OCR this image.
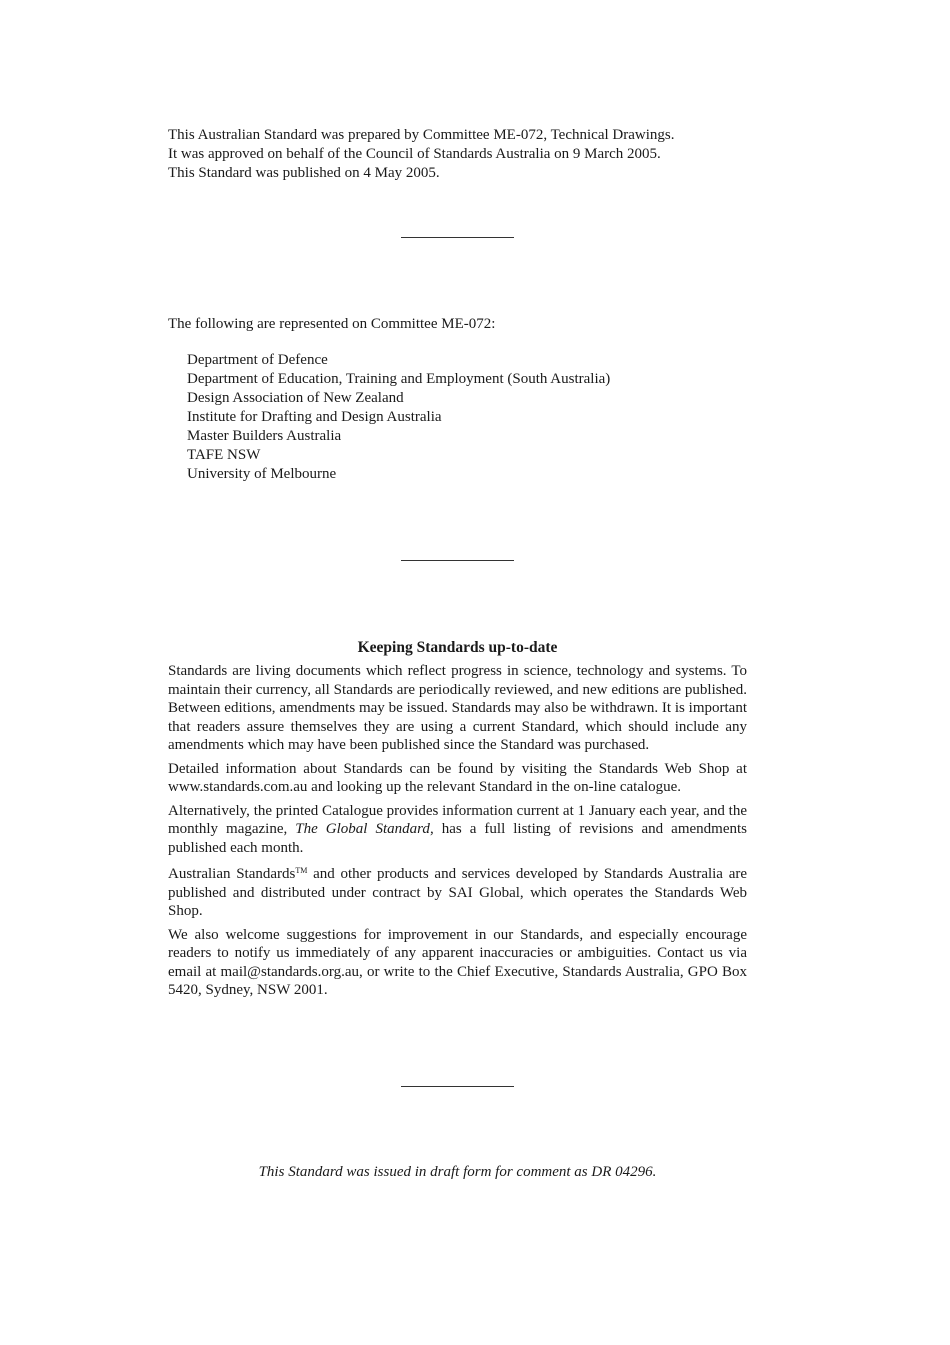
This Australian Standard was prepared by Committee ME-072, Technical Drawings.
It was approved on behalf of the Council of Standards Australia on 9 March 2005.
This Standard was published on 4 May 2005.
The following are represented on Committee ME-072:
Department of Defence
Department of Education, Training and Employment (South Australia)
Design Association of New Zealand
Institute for Drafting and Design Australia
Master Builders Australia
TAFE NSW
University of Melbourne
Keeping Standards up-to-date

Standards are living documents which reflect progress in science, technology and systems. To maintain their currency, all Standards are periodically reviewed, and new editions are published. Between editions, amendments may be issued. Standards may also be withdrawn. It is important that readers assure themselves they are using a current Standard, which should include any amendments which may have been published since the Standard was purchased.

Detailed information about Standards can be found by visiting the Standards Web Shop at www.standards.com.au and looking up the relevant Standard in the on-line catalogue.

Alternatively, the printed Catalogue provides information current at 1 January each year, and the monthly magazine, The Global Standard, has a full listing of revisions and amendments published each month.

Australian Standards™ and other products and services developed by Standards Australia are published and distributed under contract by SAI Global, which operates the Standards Web Shop.

We also welcome suggestions for improvement in our Standards, and especially encourage readers to notify us immediately of any apparent inaccuracies or ambiguities. Contact us via email at mail@standards.org.au, or write to the Chief Executive, Standards Australia, GPO Box 5420, Sydney, NSW 2001.

This Standard was issued in draft form for comment as DR 04296.
